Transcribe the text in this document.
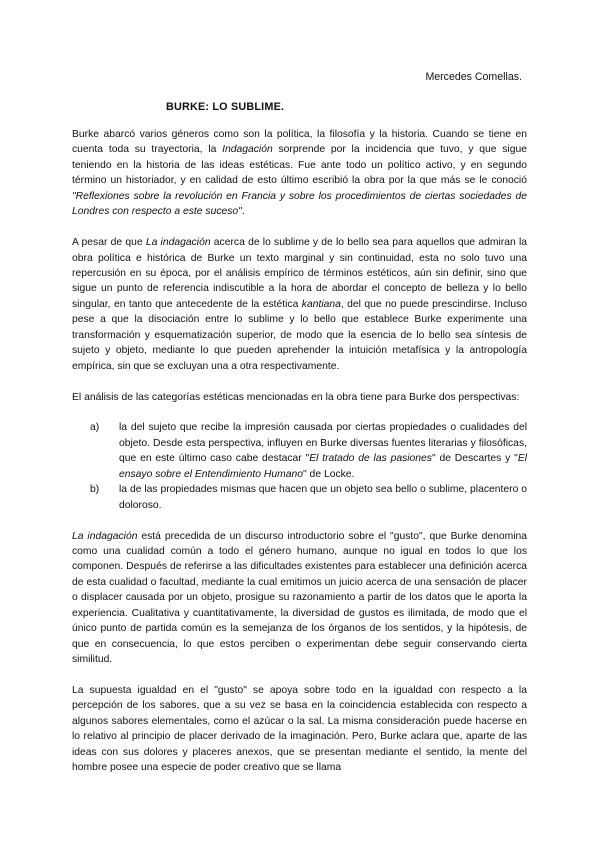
Mercedes Comellas.
BURKE: LO SUBLIME.

Burke abarcó varios géneros como son la política, la filosofía y la historia. Cuando se tiene en cuenta toda su trayectoria, la Indagación sorprende por la incidencia que tuvo, y que sigue teniendo en la historia de las ideas estéticas. Fue ante todo un político activo, y en segundo término un historiador, y en calidad de esto último escribió la obra por la que más se le conoció "Reflexiones sobre la revolución en Francia y sobre los procedimientos de ciertas sociedades de Londres con respecto a este suceso".

A pesar de que La indagación acerca de lo sublime y de lo bello sea para aquellos que admiran la obra política e histórica de Burke un texto marginal y sin continuidad, esta no solo tuvo una repercusión en su época, por el análisis empírico de términos estéticos, aún sin definir, sino que sigue un punto de referencia indiscutible a la hora de abordar el concepto de belleza y lo bello singular, en tanto que antecedente de la estética kantiana, del que no puede prescindirse. Incluso pese a que la disociación entre lo sublime y lo bello que establece Burke experimente una transformación y esquematización superior, de modo que la esencia de lo bello sea síntesis de sujeto y objeto, mediante lo que pueden aprehender la intuición metafísica y la antropología empírica, sin que se excluyan una a otra respectivamente.

El análisis de las categorías estéticas mencionadas en la obra tiene para Burke dos perspectivas:

a) la del sujeto que recibe la impresión causada por ciertas propiedades o cualidades del objeto. Desde esta perspectiva, influyen en Burke diversas fuentes literarias y filosóficas, que en este último caso cabe destacar "El tratado de las pasiones" de Descartes y "El ensayo sobre el Entendimiento Humano" de Locke.
b) la de las propiedades mismas que hacen que un objeto sea bello o sublime, placentero o doloroso.

La indagación está precedida de un discurso introductorio sobre el "gusto", que Burke denomina como una cualidad común a todo el género humano, aunque no igual en todos lo que los componen. Después de referirse a las dificultades existentes para establecer una definición acerca de esta cualidad o facultad, mediante la cual emitimos un juicio acerca de una sensación de placer o displacer causada por un objeto, prosigue su razonamiento a partir de los datos que le aporta la experiencia. Cualitativa y cuantitativamente, la diversidad de gustos es ilimitada, de modo que el único punto de partida común es la semejanza de los órganos de los sentidos, y la hipótesis, de que en consecuencia, lo que estos perciben o experimentan debe seguir conservando cierta similitud.

La supuesta igualdad en el "gusto" se apoya sobre todo en la igualdad con respecto a la percepción de los sabores, que a su vez se basa en la coincidencia establecida con respecto a algunos sabores elementales, como el azúcar o la sal. La misma consideración puede hacerse en lo relativo al principio de placer derivado de la imaginación. Pero, Burke aclara que, aparte de las ideas con sus dolores y placeres anexos, que se presentan mediante el sentido, la mente del hombre posee una especie de poder creativo que se llama
